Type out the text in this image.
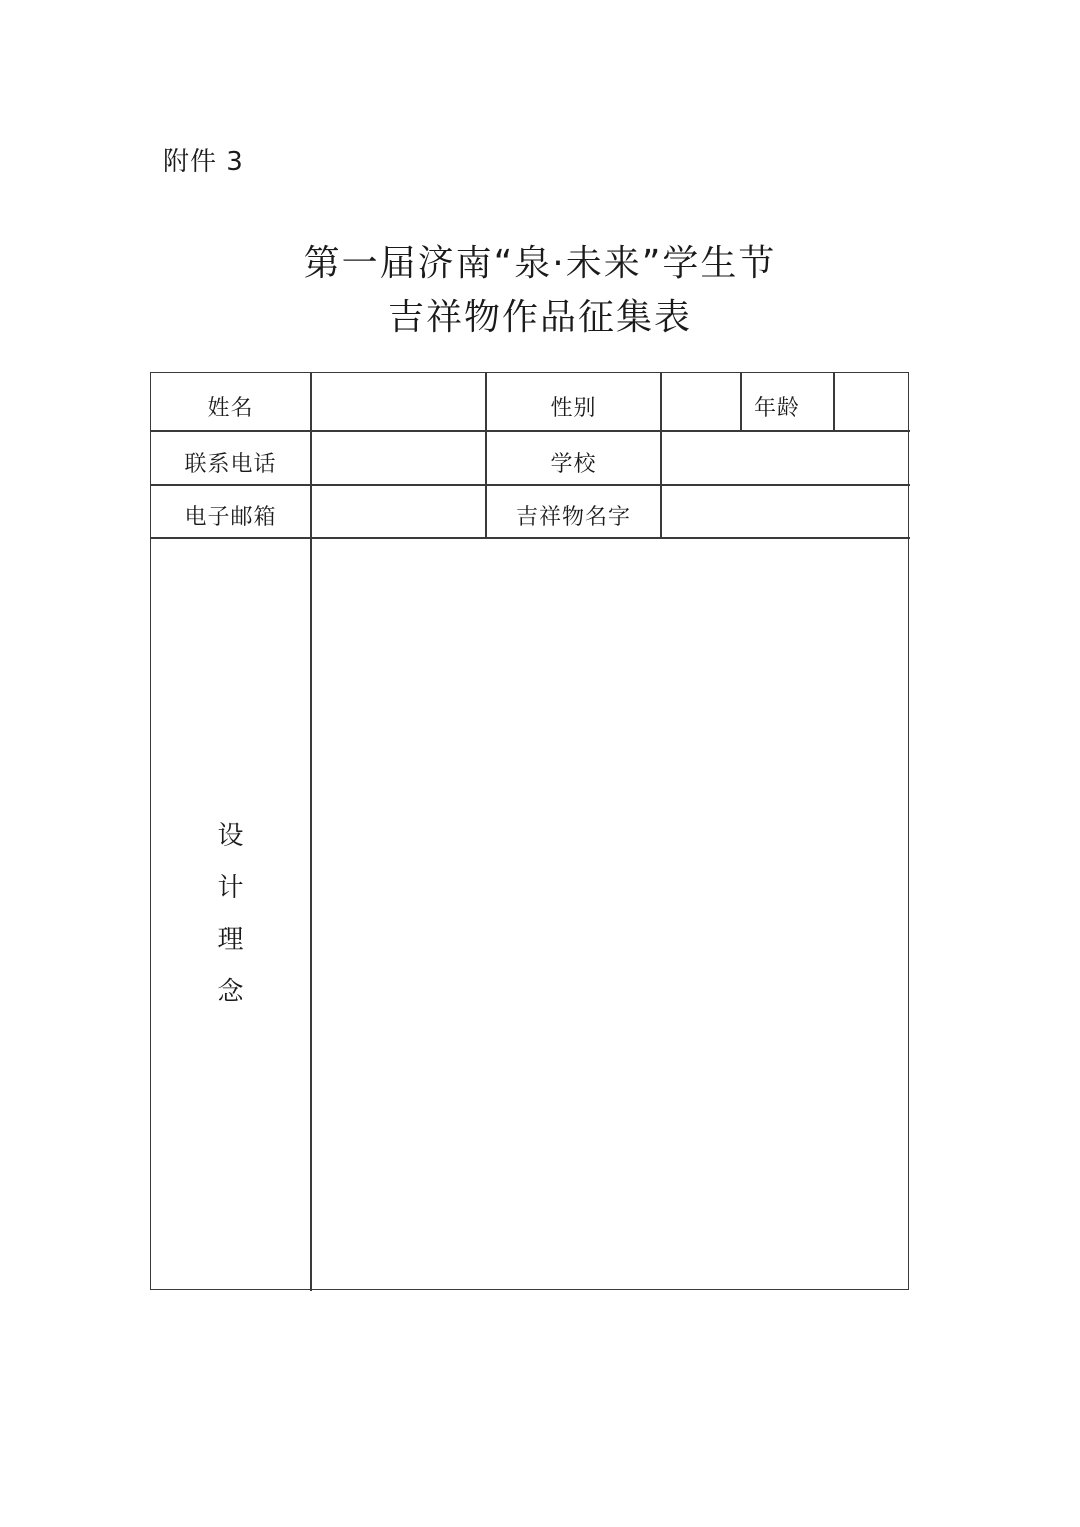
附件 3
第一届济南“泉·未来”学生节
吉祥物作品征集表
姓名	性别	年龄
联系电话	学校
电子邮箱	吉祥物名字
设
计
理
念
